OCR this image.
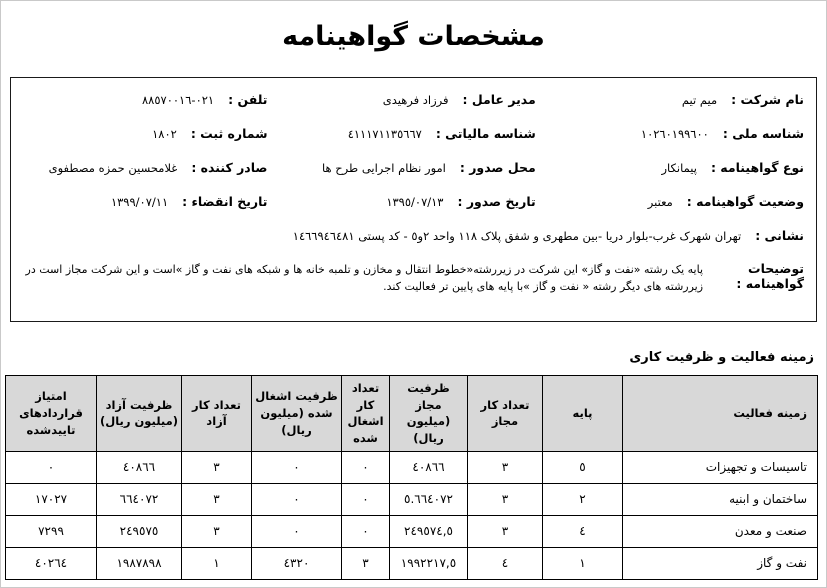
مشخصات گواهینامه
نام شرکت :
میم تیم
مدیر عامل :
فرزاد فرهیدی
تلفن :
٠٢١-٨٨٥٧٠٠١٦
شناسه ملی :
١٠٢٦٠١٩٩٦٠٠
شناسه مالیاتی :
٤١١١٧١١٣٥٦٦٧
شماره ثبت :
١٨٠٢
نوع گواهینامه :
پیمانکار
محل صدور :
امور نظام اجرایی طرح ها
صادر کننده :
غلامحسین حمزه مصطفوی
وضعیت گواهینامه :
معتبر
تاریخ صدور :
١٣٩٥/٠٧/١٣
تاریخ انقضاء :
١٣٩٩/٠٧/١١
نشانی :
تهران شهرک غرب-بلوار دریا -بین مطهری و شفق پلاک ١١٨ واحد ٢و٥ - کد پستی ١٤٦٦٩٤٦٤٨١
توضیحات گواهینامه :
پایه یک رشته «نفت و گاز» این شرکت در زیررشته«خطوط انتقال و مخازن و تلمبه خانه ها و شبکه های نفت و گاز »است و این شرکت مجاز است در زیررشته های دیگر رشته « نفت و گاز »با پایه های پایین تر فعالیت کند.
زمینه فعالیت و ظرفیت کاری
زمینه فعالیت	پایه	تعداد کار مجاز	ظرفیت مجاز (میلیون ریال)	تعداد کار اشغال شده	ظرفیت اشغال شده (میلیون ریال)	تعداد کار آزاد	ظرفیت آزاد (میلیون ریال)	امتیاز قراردادهای تاییدشده
تاسیسات و تجهیزات	٥	٣	٤٠٨٦٦	٠	٠	٣	٤٠٨٦٦	٠
ساختمان و ابنیه	٢	٣	٥.٦٦٤٠٧٢	٠	٠	٣	٦٦٤٠٧٢	١٧٠٢٧
صنعت و معدن	٤	٣	٢٤٩٥٧٤,٥	٠	٠	٣	٢٤٩٥٧٥	٧٢٩٩
نفت و گاز	١	٤	١٩٩٢٢١٧,٥	٣	٤٣٢٠	١	١٩٨٧٨٩٨	٤٠٢٦٤
